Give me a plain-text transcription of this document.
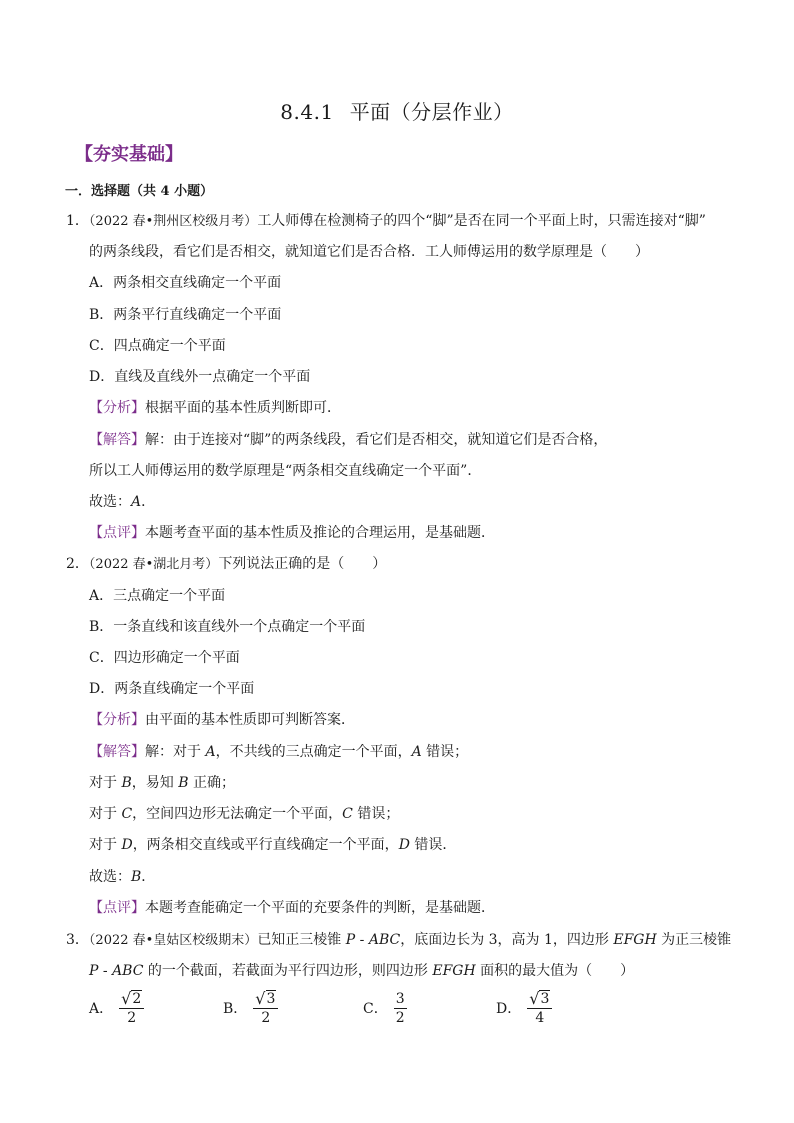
8.4.1 平面（分层作业）
【夯实基础】
一．选择题（共 4 小题）
1．（2022 春•荆州区校级月考）工人师傅在检测椅子的四个“脚”是否在同一个平面上时，只需连接对“脚”
的两条线段，看它们是否相交，就知道它们是否合格．工人师傅运用的数学原理是（　　）
A．两条相交直线确定一个平面
B．两条平行直线确定一个平面
C．四点确定一个平面
D．直线及直线外一点确定一个平面
【分析】根据平面的基本性质判断即可．
【解答】解：由于连接对“脚”的两条线段，看它们是否相交，就知道它们是否合格，
所以工人师傅运用的数学原理是“两条相交直线确定一个平面”．
故选：A．
【点评】本题考查平面的基本性质及推论的合理运用，是基础题．
2．（2022 春•湖北月考）下列说法正确的是（　　）
A．三点确定一个平面
B．一条直线和该直线外一个点确定一个平面
C．四边形确定一个平面
D．两条直线确定一个平面
【分析】由平面的基本性质即可判断答案．
【解答】解：对于 A，不共线的三点确定一个平面，A 错误；
对于 B，易知 B 正确；
对于 C，空间四边形无法确定一个平面，C 错误；
对于 D，两条相交直线或平行直线确定一个平面，D 错误．
故选：B．
【点评】本题考查能确定一个平面的充要条件的判断，是基础题．
3．（2022 春•皇姑区校级期末）已知正三棱锥 P - ABC，底面边长为 3，高为 1，四边形 EFGH 为正三棱锥
P - ABC 的一个截面，若截面为平行四边形，则四边形 EFGH 面积的最大值为（　　）
A． $\frac{√ 2}{2}$	B． $\frac{√ 3}{2}$	C． $\frac{3}{2}$	D． $\frac{√ 3}{4}$
